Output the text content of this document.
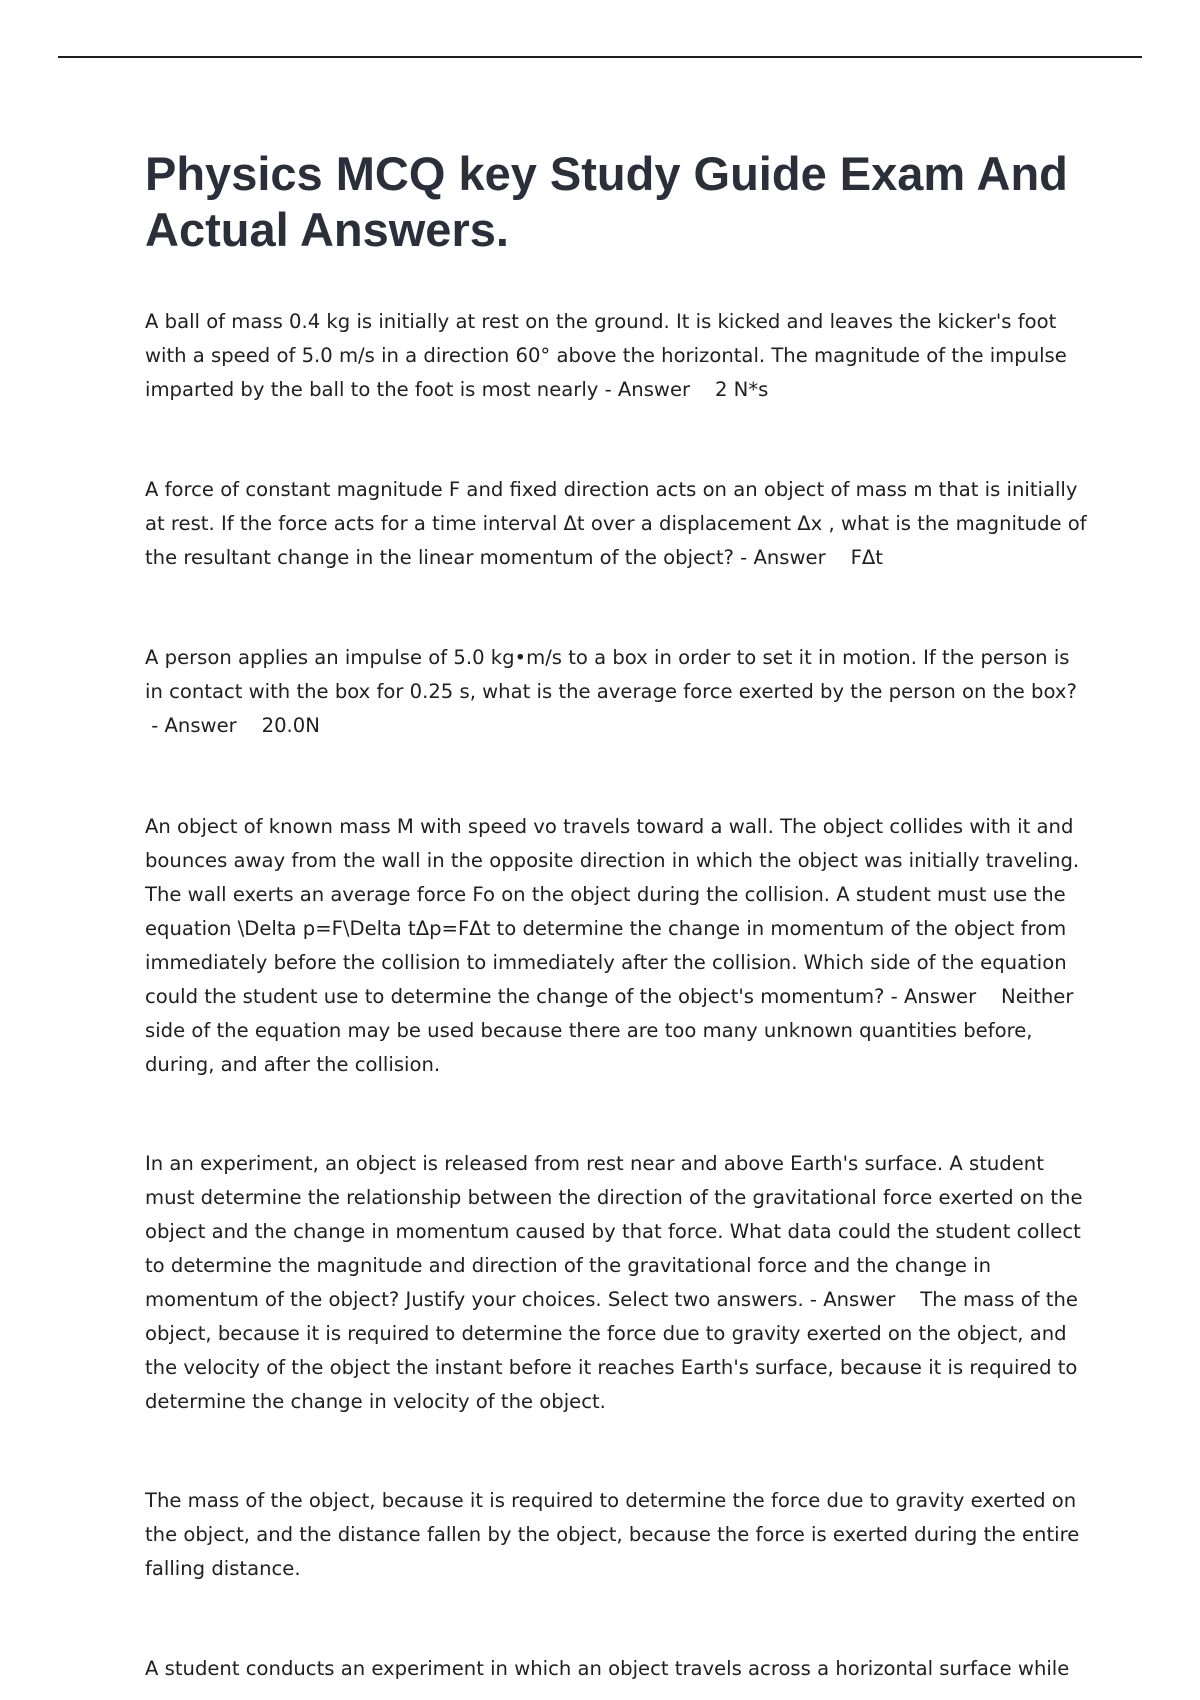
Physics MCQ key Study Guide Exam And Actual Answers.

A ball of mass 0.4 kg is initially at rest on the ground. It is kicked and leaves the kicker's foot with a speed of 5.0 m/s in a direction 60° above the horizontal. The magnitude of the impulse imparted by the ball to the foot is most nearly - Answer    2 N*s

A force of constant magnitude F and fixed direction acts on an object of mass m that is initially at rest. If the force acts for a time interval Δt over a displacement Δx , what is the magnitude of the resultant change in the linear momentum of the object? - Answer    FΔt

A person applies an impulse of 5.0 kg•m/s to a box in order to set it in motion. If the person is in contact with the box for 0.25 s, what is the average force exerted by the person on the box? - Answer    20.0N

An object of known mass M with speed vo travels toward a wall. The object collides with it and bounces away from the wall in the opposite direction in which the object was initially traveling. The wall exerts an average force Fo on the object during the collision. A student must use the equation \Delta p=F\Delta tΔp=FΔt to determine the change in momentum of the object from immediately before the collision to immediately after the collision. Which side of the equation could the student use to determine the change of the object's momentum? - Answer    Neither side of the equation may be used because there are too many unknown quantities before, during, and after the collision.

In an experiment, an object is released from rest near and above Earth's surface. A student must determine the relationship between the direction of the gravitational force exerted on the object and the change in momentum caused by that force. What data could the student collect to determine the magnitude and direction of the gravitational force and the change in momentum of the object? Justify your choices. Select two answers. - Answer    The mass of the object, because it is required to determine the force due to gravity exerted on the object, and the velocity of the object the instant before it reaches Earth's surface, because it is required to determine the change in velocity of the object.

The mass of the object, because it is required to determine the force due to gravity exerted on the object, and the distance fallen by the object, because the force is exerted during the entire falling distance.

A student conducts an experiment in which an object travels across a horizontal surface while
